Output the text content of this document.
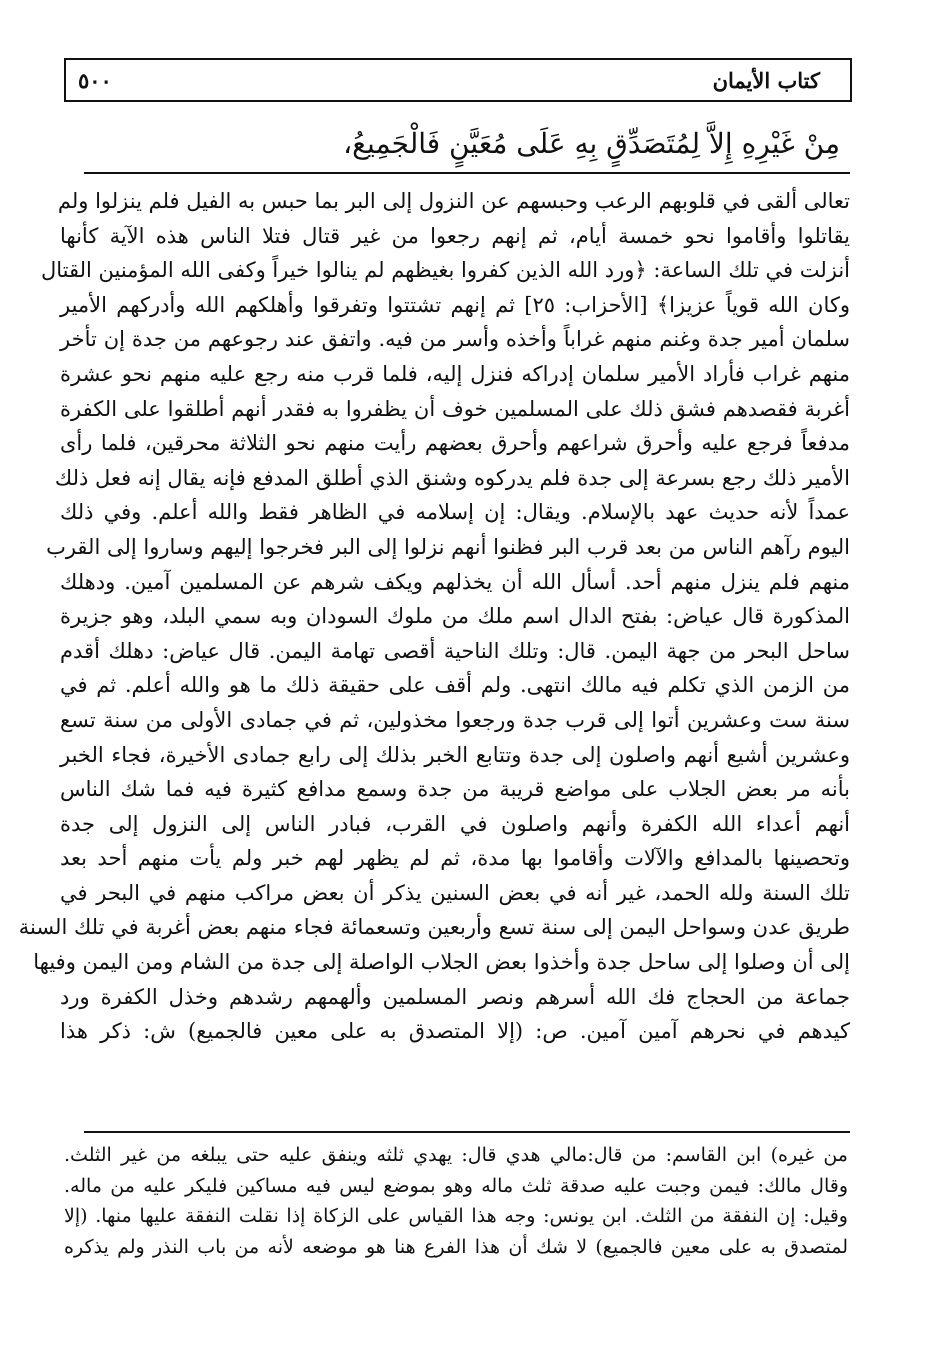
٥٠٠	كتاب الأيمان
مِنْ غَيْرِهِ إِلاَّ لِمُتَصَدِّقٍ بِهِ عَلَى مُعَيَّنٍ فَالْجَمِيعُ،
تعالى ألقى في قلوبهم الرعب وحبسهم عن النزول إلى البر بما حبس به الفيل فلم ينزلوا ولم
يقاتلوا وأقاموا نحو خمسة أيام، ثم إنهم رجعوا من غير قتال فتلا الناس هذه الآية كأنها
أنزلت في تلك الساعة: ﴿ورد الله الذين كفروا بغيظهم لم ينالوا خيراً وكفى الله المؤمنين القتال
وكان الله قوياً عزيزا﴾ [الأحزاب: ٢٥] ثم إنهم تشتتوا وتفرقوا وأهلكهم الله وأدركهم الأمير
سلمان أمير جدة وغنم منهم غراباً وأخذه وأسر من فيه. واتفق عند رجوعهم من جدة إن تأخر
منهم غراب فأراد الأمير سلمان إدراكه فنزل إليه، فلما قرب منه رجع عليه منهم نحو عشرة
أغربة فقصدهم فشق ذلك على المسلمين خوف أن يظفروا به فقدر أنهم أطلقوا على الكفرة
مدفعاً فرجع عليه وأحرق شراعهم وأحرق بعضهم رأيت منهم نحو الثلاثة محرقين، فلما رأى
الأمير ذلك رجع بسرعة إلى جدة فلم يدركوه وشنق الذي أطلق المدفع فإنه يقال إنه فعل ذلك
عمداً لأنه حديث عهد بالإسلام. ويقال: إن إسلامه في الظاهر فقط والله أعلم. وفي ذلك
اليوم رآهم الناس من بعد قرب البر فظنوا أنهم نزلوا إلى البر فخرجوا إليهم وساروا إلى القرب
منهم فلم ينزل منهم أحد. أسأل الله أن يخذلهم ويكف شرهم عن المسلمين آمين. ودهلك
المذكورة قال عياض: بفتح الدال اسم ملك من ملوك السودان وبه سمي البلد، وهو جزيرة
ساحل البحر من جهة اليمن. قال: وتلك الناحية أقصى تهامة اليمن. قال عياض: دهلك أقدم
من الزمن الذي تكلم فيه مالك انتهى. ولم أقف على حقيقة ذلك ما هو والله أعلم. ثم في
سنة ست وعشرين أتوا إلى قرب جدة ورجعوا مخذولين، ثم في جمادى الأولى من سنة تسع
وعشرين أشيع أنهم واصلون إلى جدة وتتابع الخبر بذلك إلى رابع جمادى الأخيرة، فجاء الخبر
بأنه مر بعض الجلاب على مواضع قريبة من جدة وسمع مدافع كثيرة فيه فما شك الناس
أنهم أعداء الله الكفرة وأنهم واصلون في القرب، فبادر الناس إلى النزول إلى جدة
وتحصينها بالمدافع والآلات وأقاموا بها مدة، ثم لم يظهر لهم خبر ولم يأت منهم أحد بعد
تلك السنة ولله الحمد، غير أنه في بعض السنين يذكر أن بعض مراكب منهم في البحر في
طريق عدن وسواحل اليمن إلى سنة تسع وأربعين وتسعمائة فجاء منهم بعض أغربة في تلك السنة
إلى أن وصلوا إلى ساحل جدة وأخذوا بعض الجلاب الواصلة إلى جدة من الشام ومن اليمن وفيها
جماعة من الحجاج فك الله أسرهم ونصر المسلمين وألهمهم رشدهم وخذل الكفرة ورد
كيدهم في نحرهم آمين آمين. ص: (إلا المتصدق به على معين فالجميع) ش: ذكر هذا
من غيره) ابن القاسم: من قال:مالي هدي قال: يهدي ثلثه وينفق عليه حتى يبلغه من غير الثلث.
وقال مالك: فيمن وجبت عليه صدقة ثلث ماله وهو بموضع ليس فيه مساكين فليكر عليه من ماله.
وقيل: إن النفقة من الثلث. ابن يونس: وجه هذا القياس على الزكاة إذا نقلت النفقة عليها منها. (إلا
لمتصدق به على معين فالجميع) لا شك أن هذا الفرع هنا هو موضعه لأنه من باب النذر ولم يذكره
